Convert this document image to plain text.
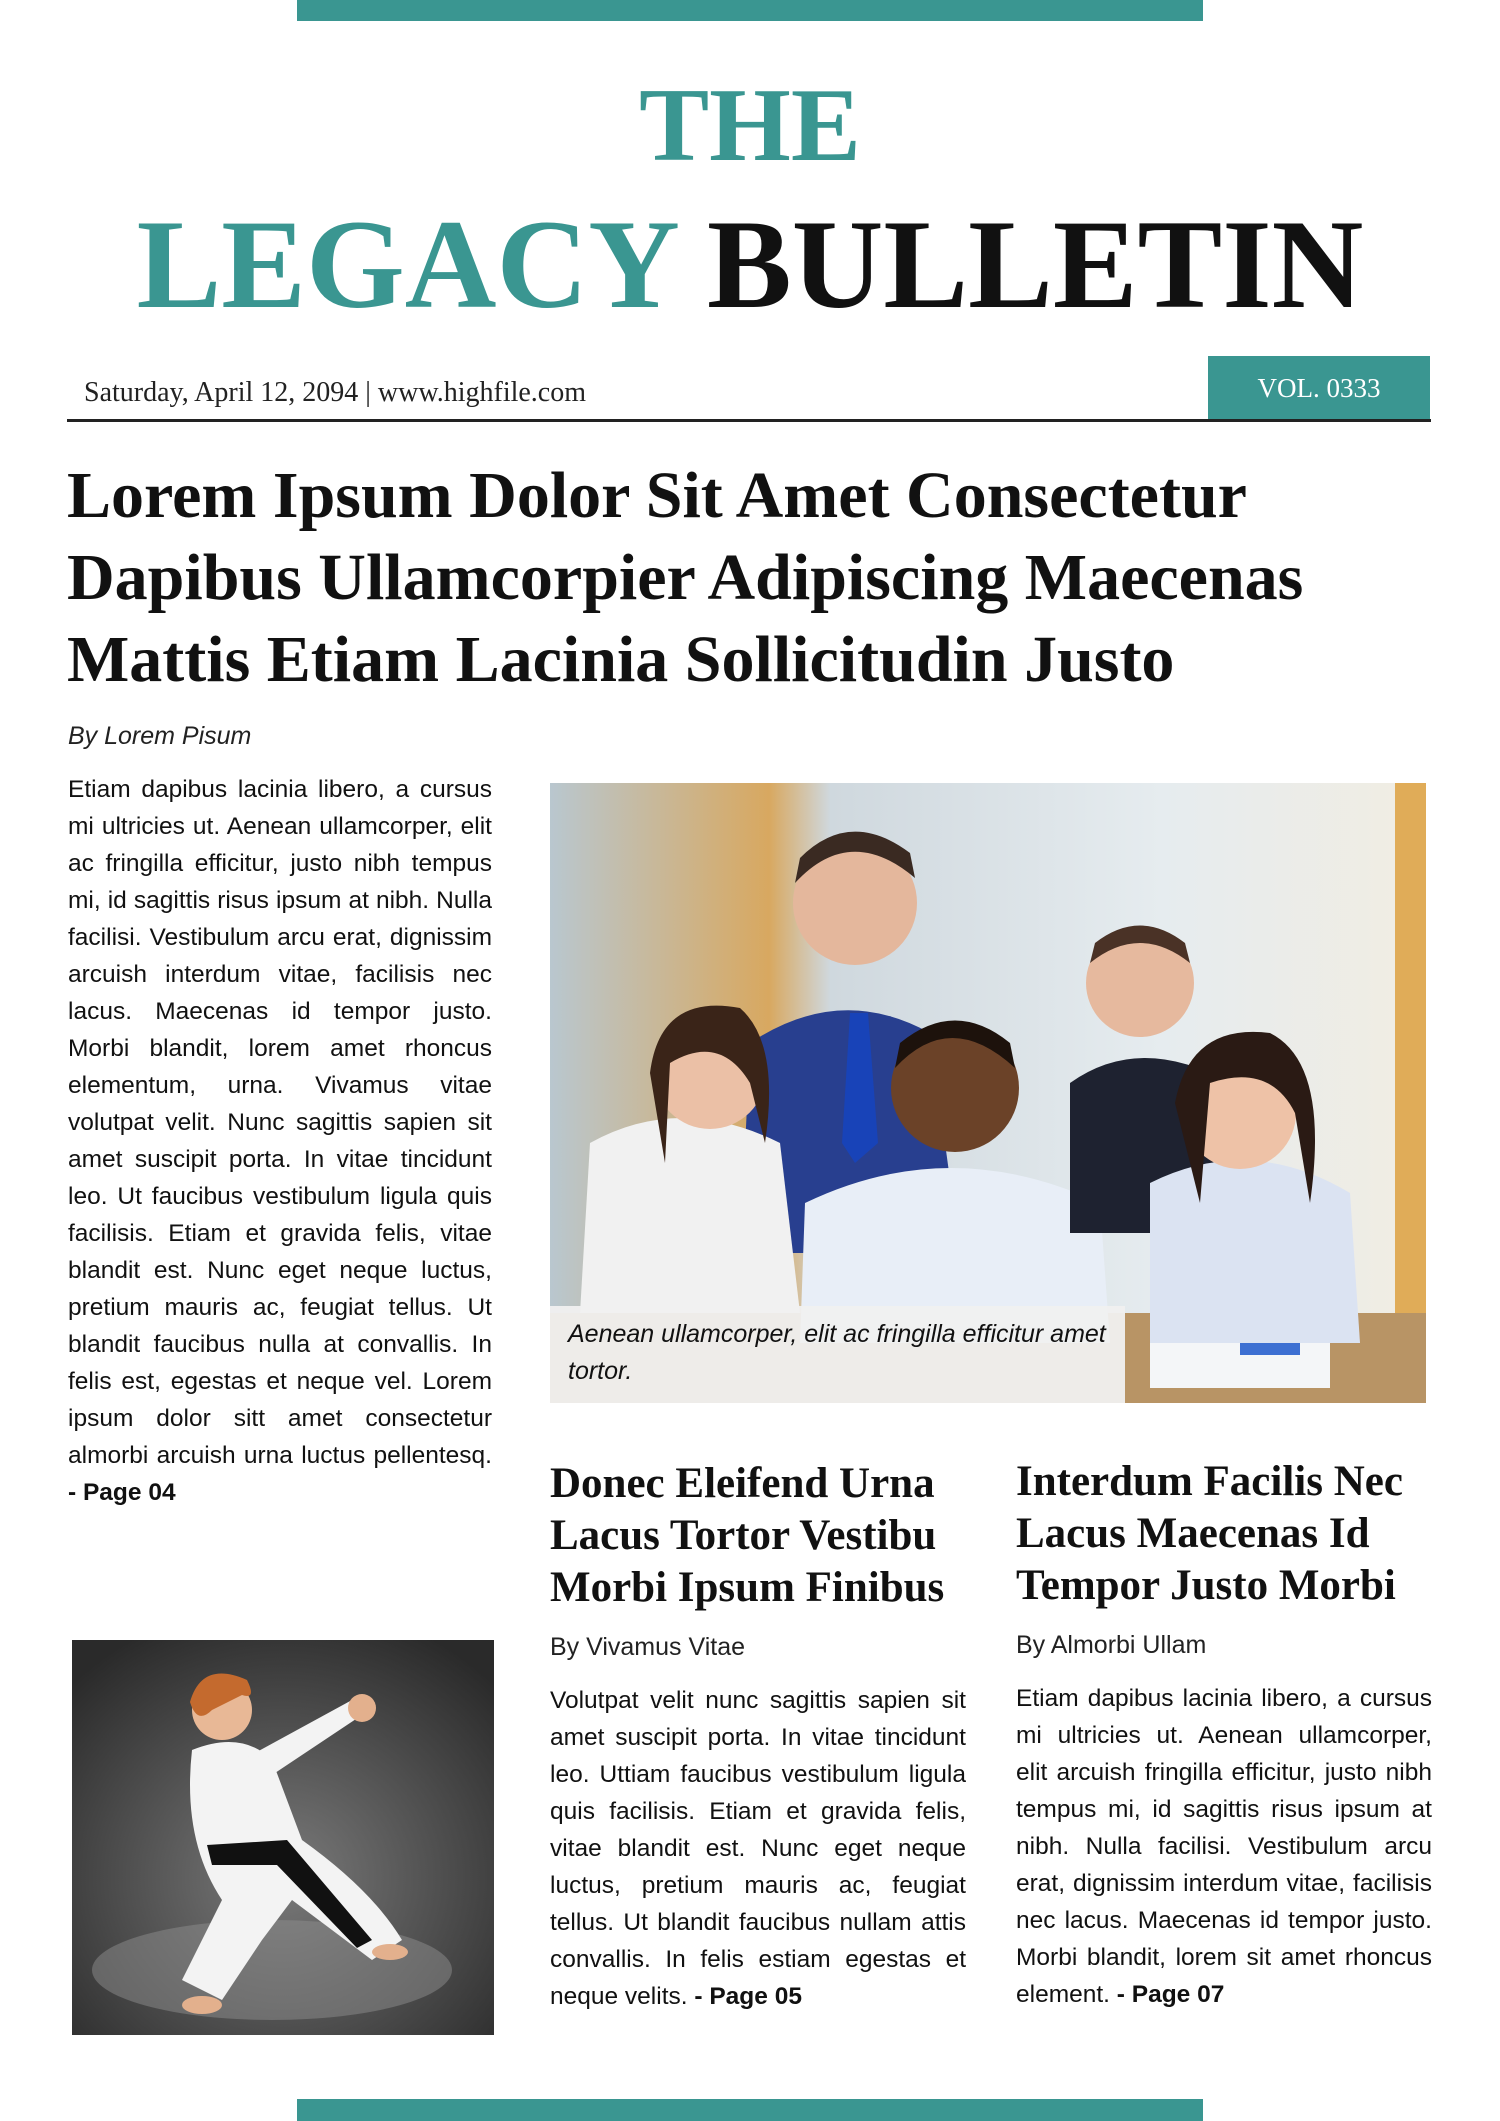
THE
LEGACY BULLETIN
Saturday, April 12, 2094 | www.highfile.com	VOL. 0333
Lorem Ipsum Dolor Sit Amet Consectetur Dapibus Ullamcorpier Adipiscing Maecenas Mattis Etiam Lacinia Sollicitudin Justo
By Lorem Pisum
Etiam dapibus lacinia libero, a cursus mi ultricies ut. Aenean ullamcorper, elit ac fringilla efficitur, justo nibh tempus mi, id sagittis risus ipsum at nibh. Nulla facilisi. Vestibulum arcu erat, dignissim arcuish interdum vitae, facilisis nec lacus. Maecenas id tempor justo. Morbi blandit, lorem amet rhoncus elementum, urna. Vivamus vitae volutpat velit. Nunc sagittis sapien sit amet suscipit porta. In vitae tincidunt leo. Ut faucibus vestibulum ligula quis facilisis. Etiam et gravida felis, vitae blandit est. Nunc eget neque luctus, pretium mauris ac, feugiat tellus. Ut blandit faucibus nulla at convallis. In felis est, egestas et neque vel. Lorem ipsum dolor sitt amet consectetur almorbi arcuish urna luctus pellentesq. - Page 04
Aenean ullamcorper, elit ac fringilla efficitur amet tortor.
Donec Eleifend Urna Lacus Tortor Vestibu Morbi Ipsum Finibus
By Vivamus Vitae
Volutpat velit nunc sagittis sapien sit amet suscipit porta. In vitae tincidunt leo. Uttiam faucibus vestibulum ligula quis facilisis. Etiam et gravida felis, vitae blandit est. Nunc eget neque luctus, pretium mauris ac, feugiat tellus. Ut blandit faucibus nullam attis convallis. In felis estiam egestas et neque velits. - Page 05
Interdum Facilis Nec Lacus Maecenas Id Tempor Justo Morbi
By Almorbi Ullam
Etiam dapibus lacinia libero, a cursus mi ultricies ut. Aenean ullamcorper, elit arcuish fringilla efficitur, justo nibh tempus mi, id sagittis risus ipsum at nibh. Nulla facilisi. Vestibulum arcu erat, dignissim interdum vitae, facilisis nec lacus. Maecenas id tempor justo. Morbi blandit, lorem sit amet rhoncus element. - Page 07
